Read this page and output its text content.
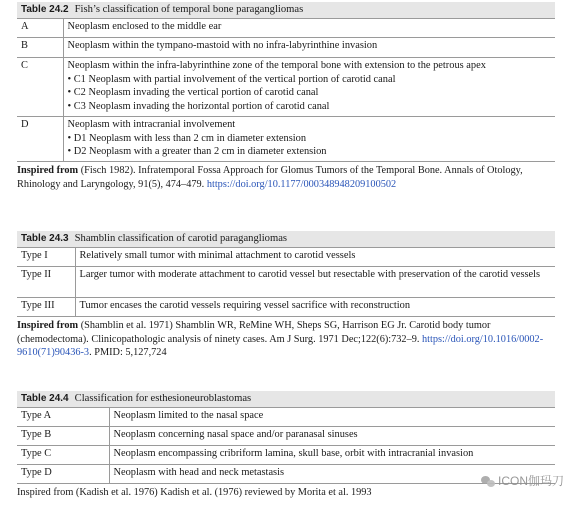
Table 24.2 Fish’s classification of temporal bone paragangliomas
A	Neoplasm enclosed to the middle ear

B	Neoplasm within the tympano-mastoid with no infra-labyrinthine invasion

C	Neoplasm within the infra-labyrinthine zone of the temporal bone with extension to the petrous apex
• C1 Neoplasm with partial involvement of the vertical portion of carotid canal
• C2 Neoplasm invading the vertical portion of carotid canal
• C3 Neoplasm invading the horizontal portion of carotid canal

D	Neoplasm with intracranial involvement
• D1 Neoplasm with less than 2 cm in diameter extension
• D2 Neoplasm with a greater than 2 cm in diameter extension
Inspired from (Fisch 1982). Infratemporal Fossa Approach for Glomus Tumors of the Temporal Bone. Annals of Otology, Rhinology and Laryngology, 91(5), 474–479. https://doi.org/10.1177/000348948209100502
Table 24.3 Shamblin classification of carotid paragangliomas
Type I	Relatively small tumor with minimal attachment to carotid vessels

Type II	Larger tumor with moderate attachment to carotid vessel but resectable with preservation of the carotid vessels

Type III	Tumor encases the carotid vessels requiring vessel sacrifice with reconstruction
Inspired from (Shamblin et al. 1971) Shamblin WR, ReMine WH, Sheps SG, Harrison EG Jr. Carotid body tumor (chemodectoma). Clinicopathologic analysis of ninety cases. Am J Surg. 1971 Dec;122(6):732–9. https://doi.org/10.1016/0002-9610(71)90436-3. PMID: 5,127,724
Table 24.4 Classification for esthesioneuroblastomas
Type A	Neoplasm limited to the nasal space

Type B	Neoplasm concerning nasal space and/or paranasal sinuses

Type C	Neoplasm encompassing cribriform lamina, skull base, orbit with intracranial invasion

Type D	Neoplasm with head and neck metastasis
Inspired from (Kadish et al. 1976) Kadish et al. (1976) reviewed by Morita et al. 1993
ICON伽玛刀
